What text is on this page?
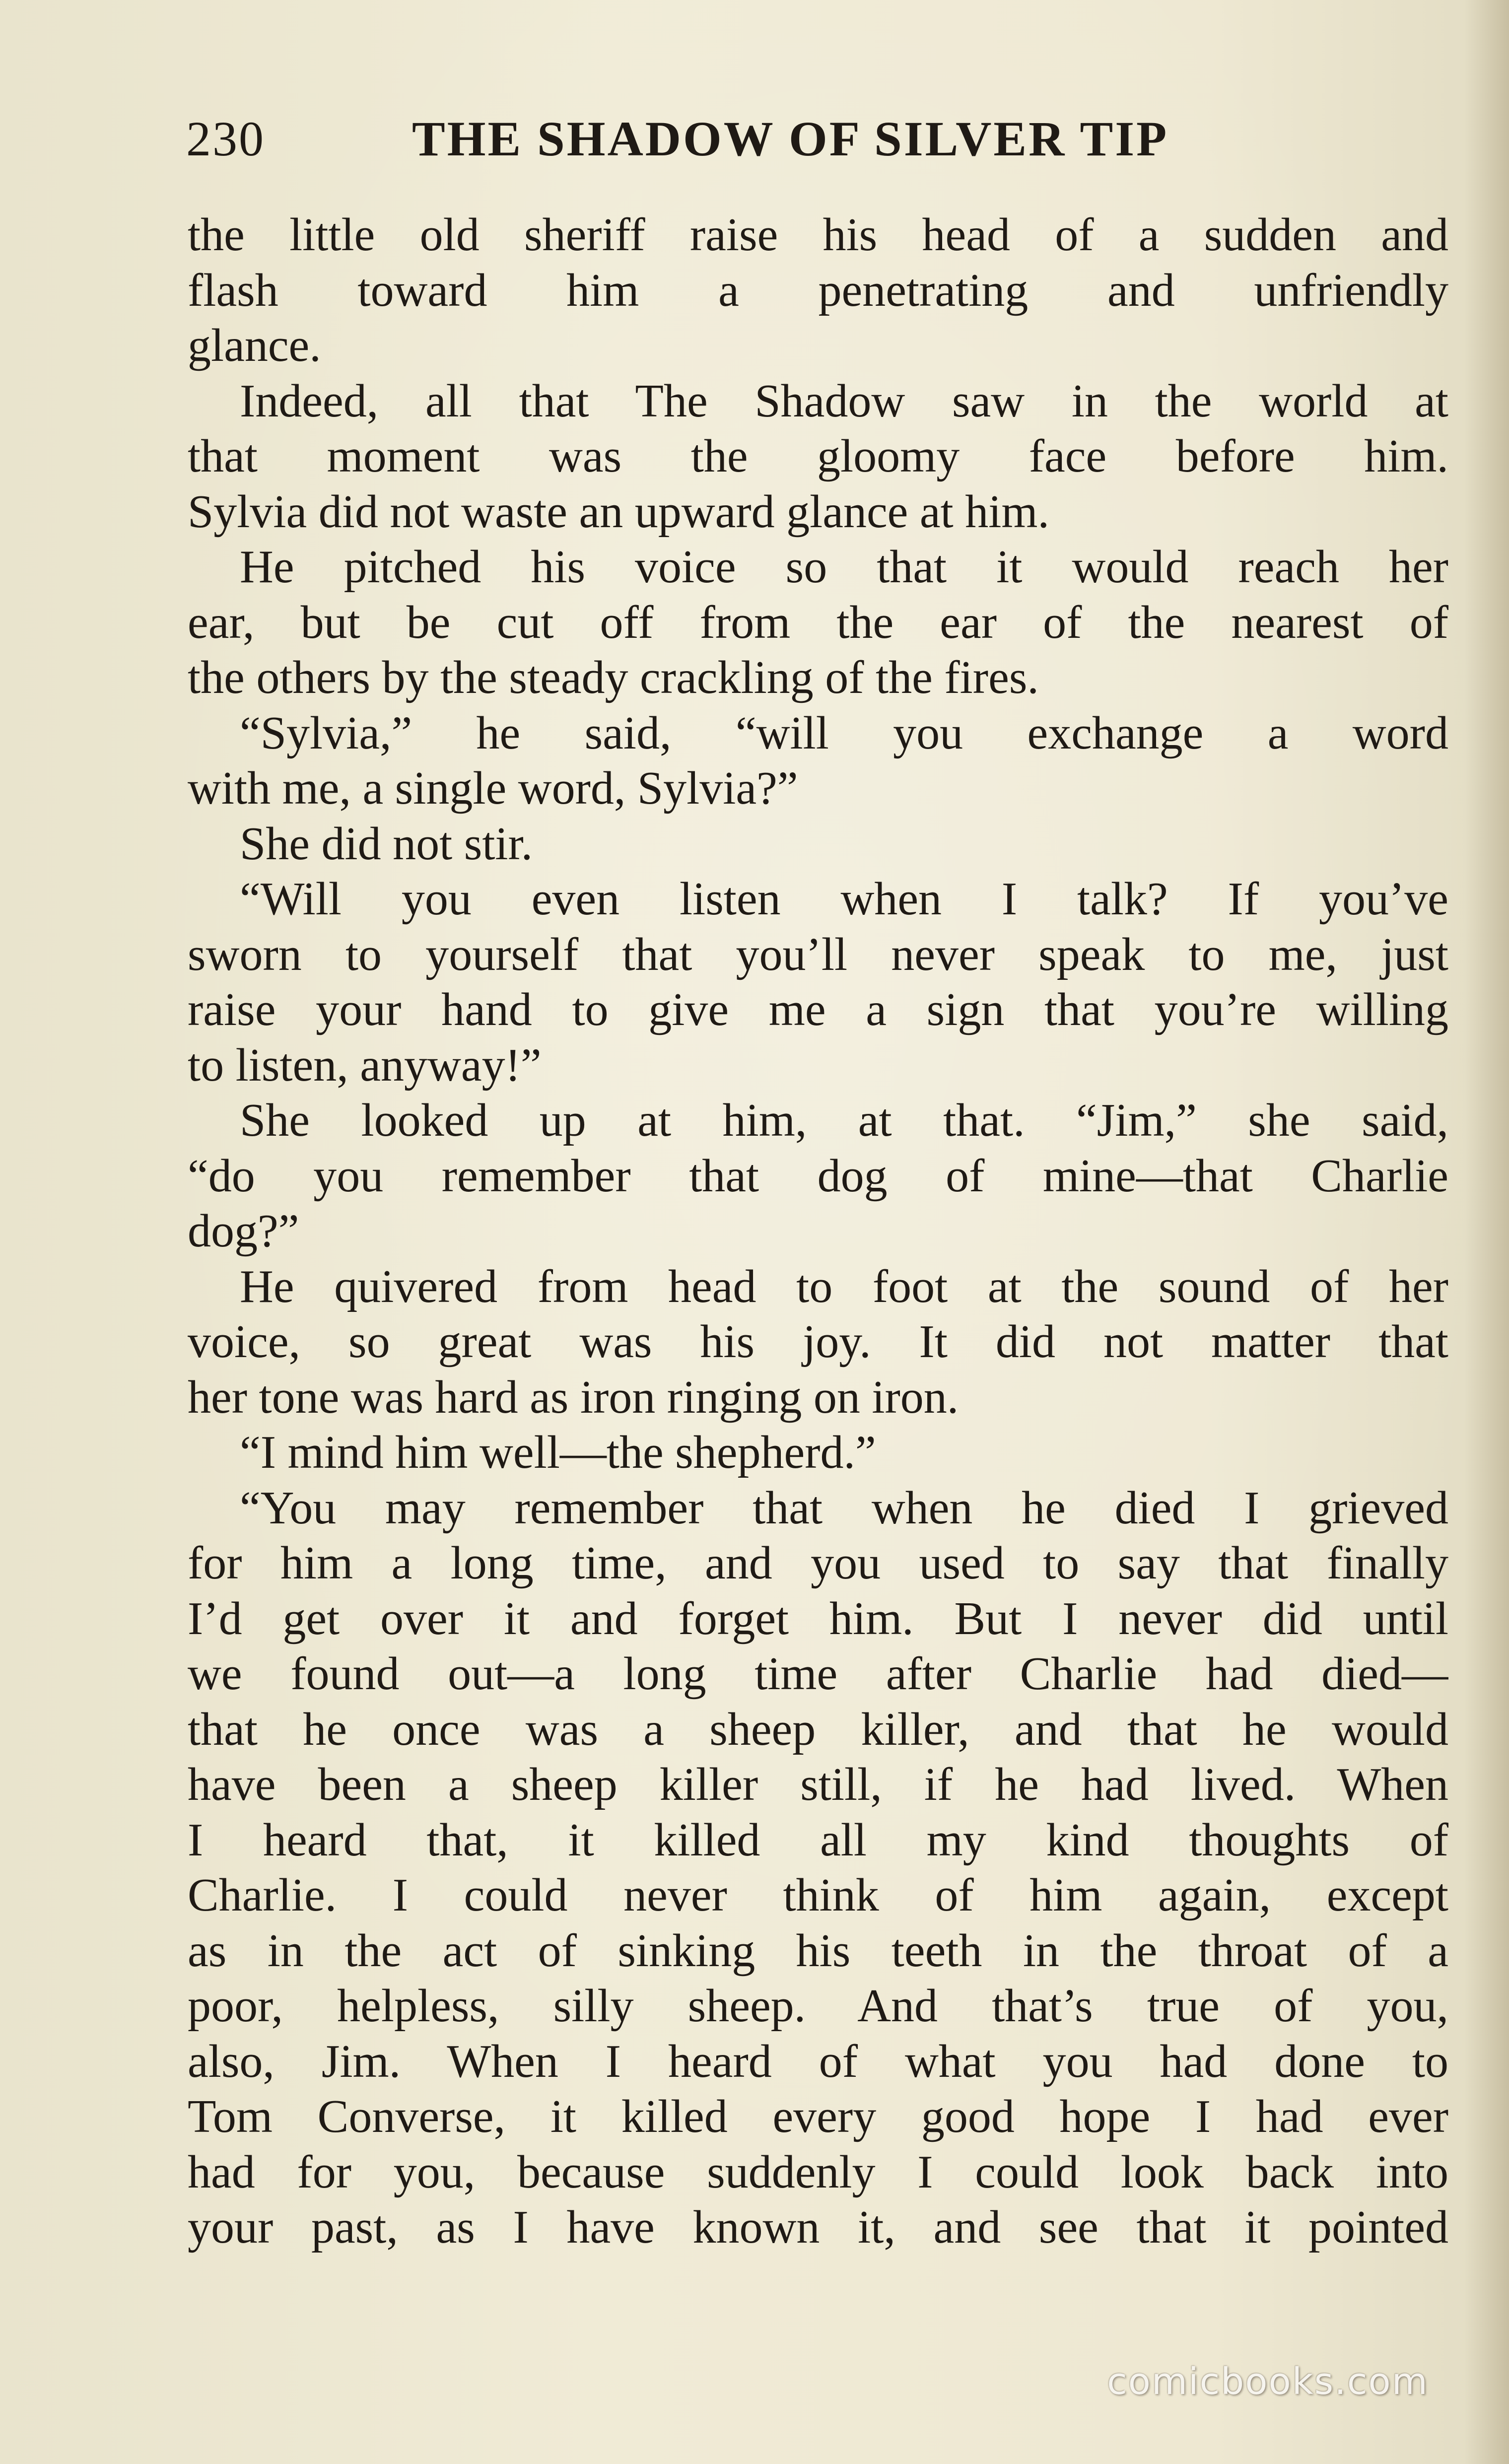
230	THE SHADOW OF SILVER TIP
the little old sheriff raise his head of a sudden and
flash toward him a penetrating and unfriendly
glance.
Indeed, all that The Shadow saw in the world at
that moment was the gloomy face before him.
Sylvia did not waste an upward glance at him.
He pitched his voice so that it would reach her
ear, but be cut off from the ear of the nearest of
the others by the steady crackling of the fires.
“Sylvia,” he said, “will you exchange a word
with me, a single word, Sylvia?”
She did not stir.
“Will you even listen when I talk? If you’ve
sworn to yourself that you’ll never speak to me, just
raise your hand to give me a sign that you’re willing
to listen, anyway!”
She looked up at him, at that. “Jim,” she said,
“do you remember that dog of mine—that Charlie
dog?”
He quivered from head to foot at the sound of her
voice, so great was his joy. It did not matter that
her tone was hard as iron ringing on iron.
“I mind him well—the shepherd.”
“You may remember that when he died I grieved
for him a long time, and you used to say that finally
I’d get over it and forget him. But I never did until
we found out—a long time after Charlie had died—
that he once was a sheep killer, and that he would
have been a sheep killer still, if he had lived. When
I heard that, it killed all my kind thoughts of
Charlie. I could never think of him again, except
as in the act of sinking his teeth in the throat of a
poor, helpless, silly sheep. And that’s true of you,
also, Jim. When I heard of what you had done to
Tom Converse, it killed every good hope I had ever
had for you, because suddenly I could look back into
your past, as I have known it, and see that it pointed
comicbooks.com
